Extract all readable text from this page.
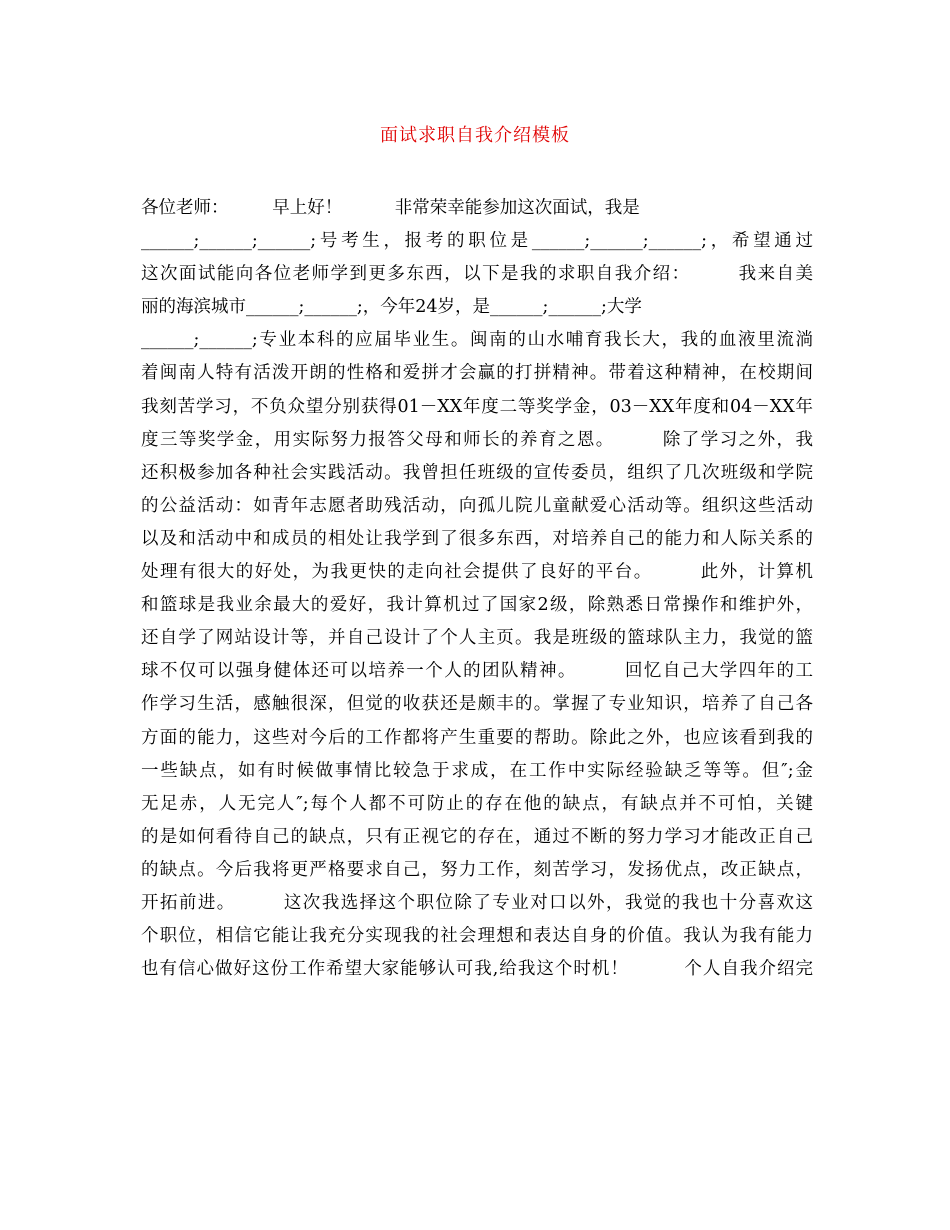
面试求职自我介绍模板
各位老师：　　　早上好！　　　非常荣幸能参加这次面试，我是
______;______;______;号考生，报考的职位是______;______;______;，希望通过
这次面试能向各位老师学到更多东西，以下是我的求职自我介绍：　　　我来自美
丽的海滨城市______;______;，今年24岁，是______;______;大学
______;______;专业本科的应届毕业生。闽南的山水哺育我长大，我的血液里流淌
着闽南人特有活泼开朗的性格和爱拼才会赢的打拼精神。带着这种精神，在校期间
我刻苦学习，不负众望分别获得01－XX年度二等奖学金，03－XX年度和04－XX年
度三等奖学金，用实际努力报答父母和师长的养育之恩。　　　除了学习之外，我
还积极参加各种社会实践活动。我曾担任班级的宣传委员，组织了几次班级和学院
的公益活动：如青年志愿者助残活动，向孤儿院儿童献爱心活动等。组织这些活动
以及和活动中和成员的相处让我学到了很多东西，对培养自己的能力和人际关系的
处理有很大的好处，为我更快的走向社会提供了良好的平台。　　　此外，计算机
和篮球是我业余最大的爱好，我计算机过了国家2级，除熟悉日常操作和维护外，
还自学了网站设计等，并自己设计了个人主页。我是班级的篮球队主力，我觉的篮
球不仅可以强身健体还可以培养一个人的团队精神。　　　回忆自己大学四年的工
作学习生活，感触很深，但觉的收获还是颇丰的。掌握了专业知识，培养了自己各
方面的能力，这些对今后的工作都将产生重要的帮助。除此之外，也应该看到我的
一些缺点，如有时候做事情比较急于求成，在工作中实际经验缺乏等等。但″;金
无足赤，人无完人″;每个人都不可防止的存在他的缺点，有缺点并不可怕，关键
的是如何看待自己的缺点，只有正视它的存在，通过不断的努力学习才能改正自己
的缺点。今后我将更严格要求自己，努力工作，刻苦学习，发扬优点，改正缺点，
开拓前进。　　　这次我选择这个职位除了专业对口以外，我觉的我也十分喜欢这
个职位，相信它能让我充分实现我的社会理想和表达自身的价值。我认为我有能力
也有信心做好这份工作希望大家能够认可我,给我这个时机！　　　个人自我介绍完
